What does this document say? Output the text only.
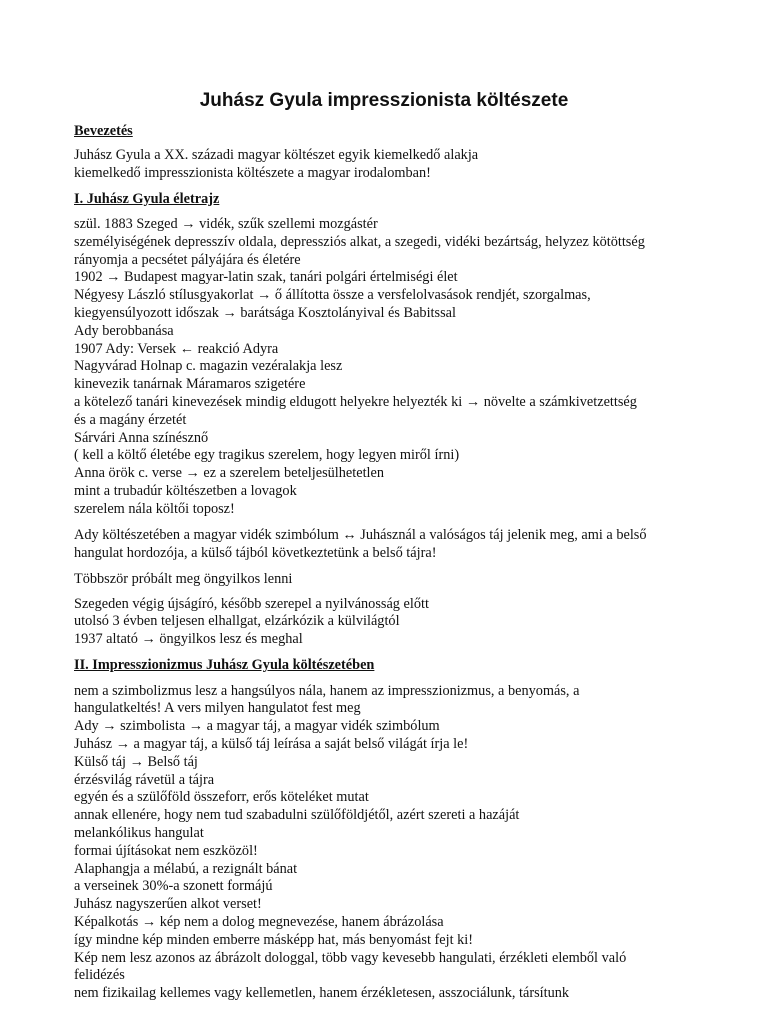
Juhász Gyula impresszionista költészete
Bevezetés
Juhász Gyula a XX. századi magyar költészet egyik kiemelkedő alakja
kiemelkedő impresszionista költészete a magyar irodalomban!
I. Juhász Gyula életrajz
szül. 1883 Szeged → vidék, szűk szellemi mozgástér
személyiségének depresszív oldala, depressziós alkat, a szegedi, vidéki bezártság, helyzez kötöttség
rányomja a pecsétet pályájára és életére
1902 → Budapest magyar-latin szak, tanári polgári értelmiségi élet
Négyesy László stílusgyakorlat → ő állította össze a versfelolvasások rendjét, szorgalmas,
kiegyensúlyozott időszak → barátsága Kosztolányival és Babitssal
Ady berobbanása
1907 Ady: Versek ← reakció Adyra
Nagyvárad Holnap c. magazin vezéralakja lesz
kinevezik tanárnak Máramaros szigetére
a kötelező tanári kinevezések mindig eldugott helyekre helyezték ki → növelte a számkivetzettség
és a magány érzetét
Sárvári Anna színésznő
( kell a költő életébe egy tragikus szerelem, hogy legyen miről írni)
Anna örök c. verse → ez a szerelem beteljesülhetetlen
mint a trubadúr költészetben a lovagok
szerelem nála költői toposz!
Ady költészetében a magyar vidék szimbólum ↔ Juhásznál a valóságos táj jelenik meg, ami a belső
hangulat hordozója, a külső tájból következtetünk a belső tájra!
Többször próbált meg öngyilkos lenni
Szegeden végig újságíró, később szerepel a nyilvánosság előtt
utolsó 3 évben teljesen elhallgat, elzárkózik a külvilágtól
1937 altató → öngyilkos lesz és meghal
II. Impresszionizmus Juhász Gyula költészetében
nem a szimbolizmus lesz a hangsúlyos nála, hanem az impresszionizmus, a benyomás, a
hangulatkeltés! A vers milyen hangulatot fest meg
Ady → szimbolista → a magyar táj, a magyar vidék szimbólum
Juhász → a magyar táj, a külső táj leírása a saját belső világát írja le!
Külső táj → Belső táj
érzésvilág rávetül a tájra
egyén és a szülőföld összeforr, erős köteléket mutat
annak ellenére, hogy nem tud szabadulni szülőföldjétől, azért szereti a hazáját
melankólikus hangulat
formai újításokat nem eszközöl!
Alaphangja a mélabú, a rezignált bánat
a verseinek 30%-a szonett formájú
Juhász nagyszerűen alkot verset!
Képalkotás → kép nem a dolog megnevezése, hanem ábrázolása
így mindne kép minden emberre másképp hat, más benyomást fejt ki!
Kép nem lesz azonos az ábrázolt dologgal, több vagy kevesebb hangulati, érzékleti elemből való
felidézés
nem fizikailag kellemes vagy kellemetlen, hanem érzékletesen, asszociálunk, társítunk
